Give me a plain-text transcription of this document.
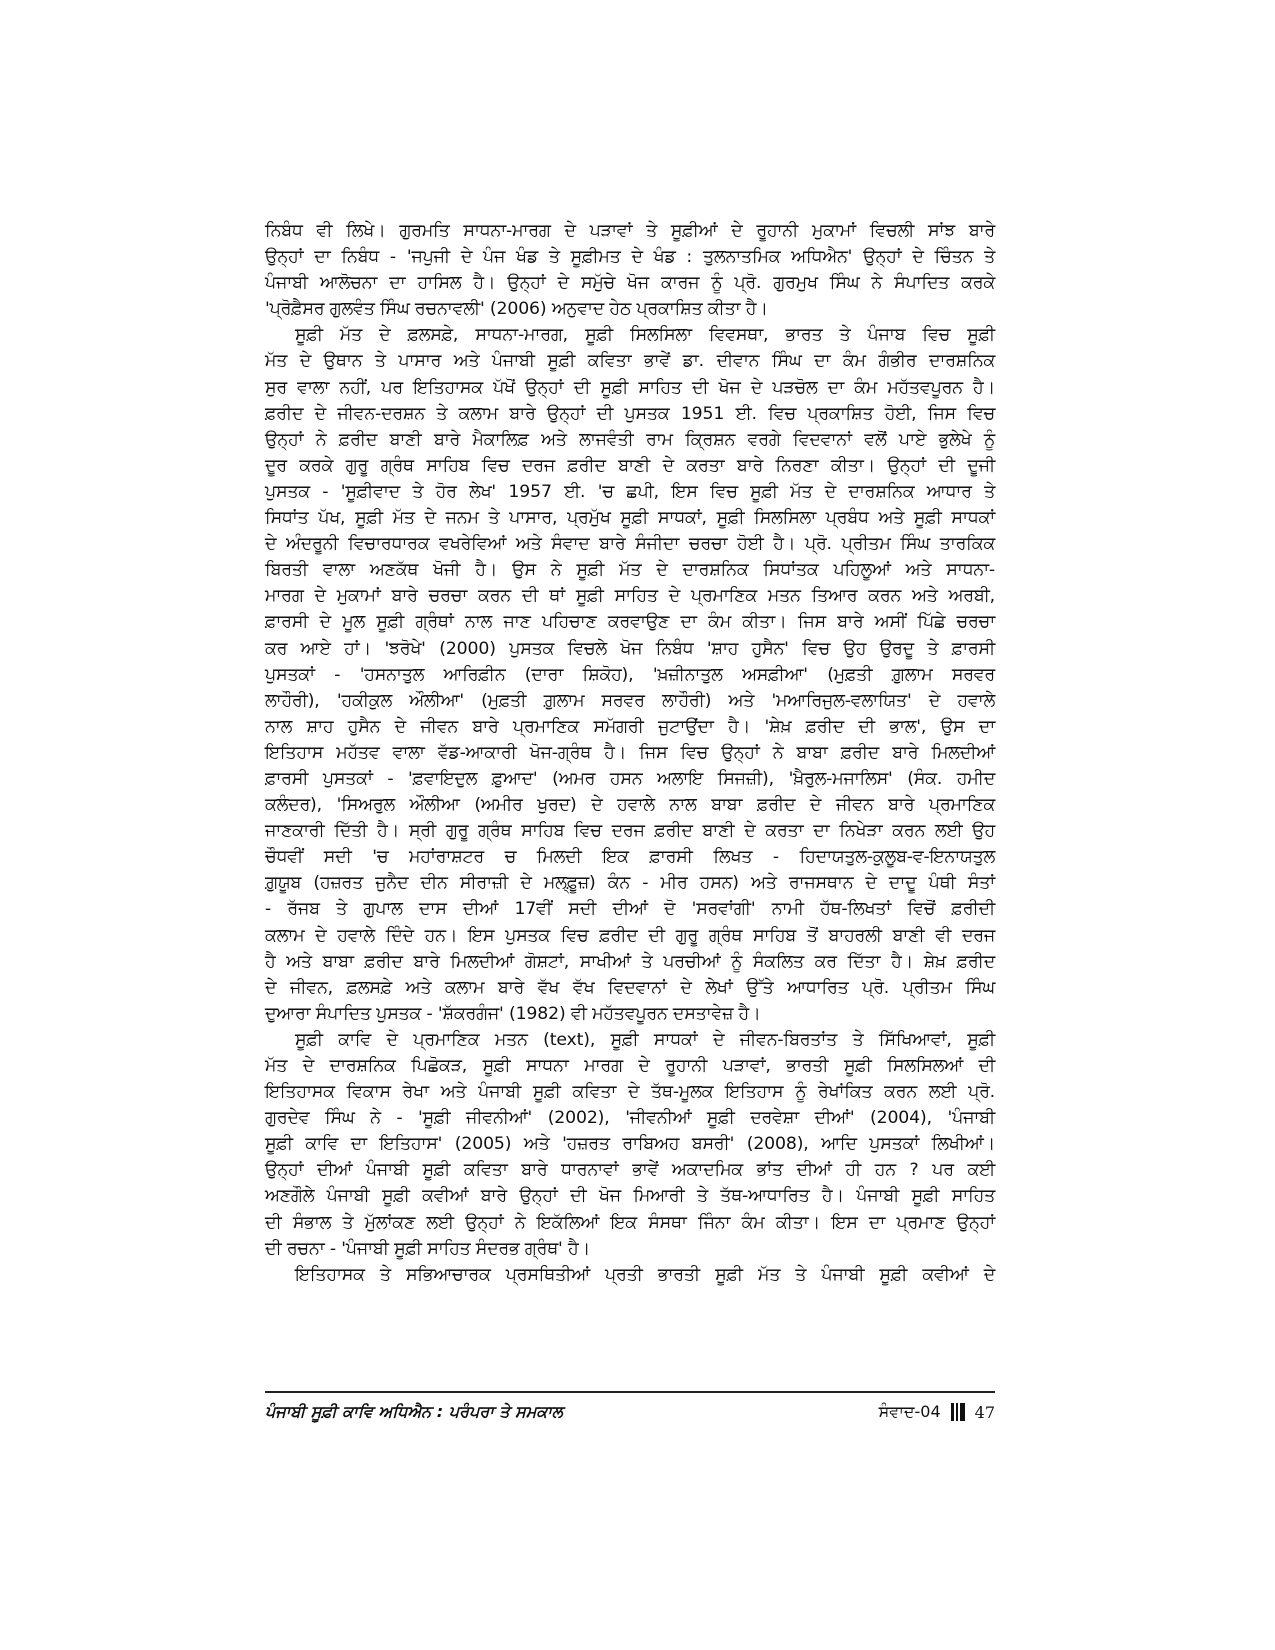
ਨਿਬੰਧ ਵੀ ਲਿਖੇ। ਗੁਰਮਤਿ ਸਾਧਨਾ-ਮਾਰਗ ਦੇ ਪੜਾਵਾਂ ਤੇ ਸੂਫ਼ੀਆਂ ਦੇ ਰੂਹਾਨੀ ਮੁਕਾਮਾਂ ਵਿਚਲੀ ਸਾਂਝ ਬਾਰੇ
ਉਨ੍ਹਾਂ ਦਾ ਨਿਬੰਧ - 'ਜਪੁਜੀ ਦੇ ਪੰਜ ਖੰਡ ਤੇ ਸੂਫ਼ੀਮਤ ਦੇ ਖੰਡ : ਤੁਲਨਾਤਮਿਕ ਅਧਿਐਨ' ਉਨ੍ਹਾਂ ਦੇ ਚਿੰਤਨ ਤੇ
ਪੰਜਾਬੀ ਆਲੋਚਨਾ ਦਾ ਹਾਸਿਲ ਹੈ। ਉਨ੍ਹਾਂ ਦੇ ਸਮੁੱਚੇ ਖੋਜ ਕਾਰਜ ਨੂੰ ਪ੍ਰੋ. ਗੁਰਮੁਖ ਸਿੰਘ ਨੇ ਸੰਪਾਦਿਤ ਕਰਕੇ
'ਪ੍ਰੋਫ਼ੈਸਰ ਗੁਲਵੰਤ ਸਿੰਘ ਰਚਨਾਵਲੀ' (2006) ਅਨੁਵਾਦ ਹੇਠ ਪ੍ਰਕਾਸ਼ਿਤ ਕੀਤਾ ਹੈ।
ਸੂਫ਼ੀ ਮੱਤ ਦੇ ਫ਼ਲਸਫ਼ੇ, ਸਾਧਨਾ-ਮਾਰਗ, ਸੂਫ਼ੀ ਸਿਲਸਿਲਾ ਵਿਵਸਥਾ, ਭਾਰਤ ਤੇ ਪੰਜਾਬ ਵਿਚ ਸੂਫ਼ੀ
ਮੱਤ ਦੇ ਉਥਾਨ ਤੇ ਪਾਸਾਰ ਅਤੇ ਪੰਜਾਬੀ ਸੂਫ਼ੀ ਕਵਿਤਾ ਭਾਵੇਂ ਡਾ. ਦੀਵਾਨ ਸਿੰਘ ਦਾ ਕੰਮ ਗੰਭੀਰ ਦਾਰਸ਼ਨਿਕ
ਸੁਰ ਵਾਲਾ ਨਹੀਂ, ਪਰ ਇਤਿਹਾਸਕ ਪੱਖੋਂ ਉਨ੍ਹਾਂ ਦੀ ਸੂਫ਼ੀ ਸਾਹਿਤ ਦੀ ਖੋਜ ਦੇ ਪੜਚੋਲ ਦਾ ਕੰਮ ਮਹੱਤਵਪੂਰਨ ਹੈ।
ਫ਼ਰੀਦ ਦੇ ਜੀਵਨ-ਦਰਸ਼ਨ ਤੇ ਕਲਾਮ ਬਾਰੇ ਉਨ੍ਹਾਂ ਦੀ ਪੁਸਤਕ 1951 ਈ. ਵਿਚ ਪ੍ਰਕਾਸ਼ਿਤ ਹੋਈ, ਜਿਸ ਵਿਚ
ਉਨ੍ਹਾਂ ਨੇ ਫ਼ਰੀਦ ਬਾਣੀ ਬਾਰੇ ਮੈਕਾਲਿਫ਼ ਅਤੇ ਲਾਜਵੰਤੀ ਰਾਮ ਕ੍ਰਿਸ਼ਨ ਵਰਗੇ ਵਿਦਵਾਨਾਂ ਵਲੋਂ ਪਾਏ ਭੁਲੇਖੇ ਨੂੰ
ਦੂਰ ਕਰਕੇ ਗੁਰੂ ਗ੍ਰੰਥ ਸਾਹਿਬ ਵਿਚ ਦਰਜ ਫ਼ਰੀਦ ਬਾਣੀ ਦੇ ਕਰਤਾ ਬਾਰੇ ਨਿਰਣਾ ਕੀਤਾ। ਉਨ੍ਹਾਂ ਦੀ ਦੂਜੀ
ਪੁਸਤਕ - 'ਸੂਫ਼ੀਵਾਦ ਤੇ ਹੋਰ ਲੇਖ' 1957 ਈ. 'ਚ ਛਪੀ, ਇਸ ਵਿਚ ਸੂਫ਼ੀ ਮੱਤ ਦੇ ਦਾਰਸ਼ਨਿਕ ਆਧਾਰ ਤੇ
ਸਿਧਾਂਤ ਪੱਖ, ਸੂਫ਼ੀ ਮੱਤ ਦੇ ਜਨਮ ਤੇ ਪਾਸਾਰ, ਪ੍ਰਮੁੱਖ ਸੂਫ਼ੀ ਸਾਧਕਾਂ, ਸੂਫ਼ੀ ਸਿਲਸਿਲਾ ਪ੍ਰਬੰਧ ਅਤੇ ਸੂਫ਼ੀ ਸਾਧਕਾਂ
ਦੇ ਅੰਦਰੂਨੀ ਵਿਚਾਰਧਾਰਕ ਵਖਰੇਵਿਆਂ ਅਤੇ ਸੰਵਾਦ ਬਾਰੇ ਸੰਜੀਦਾ ਚਰਚਾ ਹੋਈ ਹੈ। ਪ੍ਰੋ. ਪ੍ਰੀਤਮ ਸਿੰਘ ਤਾਰਕਿਕ
ਬਿਰਤੀ ਵਾਲਾ ਅਣਕੱਥ ਖੋਜੀ ਹੈ। ਉਸ ਨੇ ਸੂਫ਼ੀ ਮੱਤ ਦੇ ਦਾਰਸ਼ਨਿਕ ਸਿਧਾਂਤਕ ਪਹਿਲੂਆਂ ਅਤੇ ਸਾਧਨਾ-
ਮਾਰਗ ਦੇ ਮੁਕਾਮਾਂ ਬਾਰੇ ਚਰਚਾ ਕਰਨ ਦੀ ਥਾਂ ਸੂਫ਼ੀ ਸਾਹਿਤ ਦੇ ਪ੍ਰਮਾਣਿਕ ਮਤਨ ਤਿਆਰ ਕਰਨ ਅਤੇ ਅਰਬੀ,
ਫ਼ਾਰਸੀ ਦੇ ਮੂਲ ਸੂਫ਼ੀ ਗ੍ਰੰਥਾਂ ਨਾਲ ਜਾਣ ਪਹਿਚਾਣ ਕਰਵਾਉਣ ਦਾ ਕੰਮ ਕੀਤਾ। ਜਿਸ ਬਾਰੇ ਅਸੀਂ ਪਿੱਛੇ ਚਰਚਾ
ਕਰ ਆਏ ਹਾਂ। 'ਝਰੋਖੇ' (2000) ਪੁਸਤਕ ਵਿਚਲੇ ਖੋਜ ਨਿਬੰਧ 'ਸ਼ਾਹ ਹੁਸੈਨ' ਵਿਚ ਉਹ ਉਰਦੂ ਤੇ ਫ਼ਾਰਸੀ
ਪੁਸਤਕਾਂ - 'ਹਸਨਾਤੁਲ ਆਰਿਫ਼ੀਨ (ਦਾਰਾ ਸ਼ਿਕੋਹ), 'ਖ਼ਜ਼ੀਨਾਤੁਲ ਅਸਫ਼ੀਆ' (ਮੁਫ਼ਤੀ ਗ਼ੁਲਾਮ ਸਰਵਰ
ਲਾਹੌਰੀ), 'ਹਕੀਕੁਲ ਔਲੀਆ' (ਮੁਫ਼ਤੀ ਗ਼ੁਲਾਮ ਸਰਵਰ ਲਾਹੌਰੀ) ਅਤੇ 'ਮਆਰਿਜੁਲ-ਵਲਾਯਿਤ' ਦੇ ਹਵਾਲੇ
ਨਾਲ ਸ਼ਾਹ ਹੁਸੈਨ ਦੇ ਜੀਵਨ ਬਾਰੇ ਪ੍ਰਮਾਣਿਕ ਸਮੱਗਰੀ ਜੁਟਾਉਂਦਾ ਹੈ। 'ਸ਼ੇਖ਼ ਫ਼ਰੀਦ ਦੀ ਭਾਲ', ਉਸ ਦਾ
ਇਤਿਹਾਸ ਮਹੱਤਵ ਵਾਲਾ ਵੱਡ-ਆਕਾਰੀ ਖੋਜ-ਗ੍ਰੰਥ ਹੈ। ਜਿਸ ਵਿਚ ਉਨ੍ਹਾਂ ਨੇ ਬਾਬਾ ਫ਼ਰੀਦ ਬਾਰੇ ਮਿਲਦੀਆਂ
ਫ਼ਾਰਸੀ ਪੁਸਤਕਾਂ - 'ਫ਼ਵਾਇਦੁਲ ਫ਼ੁਆਦ' (ਅਮਰ ਹਸਨ ਅਲਾਇ ਸਿਜਜ਼ੀ), 'ਖ਼ੈਰੁਲ-ਮਜਾਲਿਸ' (ਸੰਕ. ਹਮੀਦ
ਕਲੰਦਰ), 'ਸਿਅਰੁਲ ਔਲੀਆ (ਅਮੀਰ ਖੁਰਦ) ਦੇ ਹਵਾਲੇ ਨਾਲ ਬਾਬਾ ਫ਼ਰੀਦ ਦੇ ਜੀਵਨ ਬਾਰੇ ਪ੍ਰਮਾਣਿਕ
ਜਾਣਕਾਰੀ ਦਿੱਤੀ ਹੈ। ਸ੍ਰੀ ਗੁਰੂ ਗ੍ਰੰਥ ਸਾਹਿਬ ਵਿਚ ਦਰਜ ਫ਼ਰੀਦ ਬਾਣੀ ਦੇ ਕਰਤਾ ਦਾ ਨਿਖੇੜਾ ਕਰਨ ਲਈ ਉਹ
ਚੌਧਵੀਂ ਸਦੀ 'ਚ ਮਹਾਂਰਾਸ਼ਟਰ ਚ ਮਿਲਦੀ ਇਕ ਫ਼ਾਰਸੀ ਲਿਖਤ - ਹਿਦਾਯਤੁਲ-ਕੁਲੂਬ-ਵ-ਇਨਾਯਤੁਲ
ਗ਼ੁਯੂਬ (ਹਜ਼ਰਤ ਜੁਨੈਦ ਦੀਨ ਸੀਰਾਜ਼ੀ ਦੇ ਮਲ੍ਫ਼ੂਜ਼) ਕੰਨ - ਮੀਰ ਹਸਨ) ਅਤੇ ਰਾਜਸਥਾਨ ਦੇ ਦਾਦੂ ਪੰਥੀ ਸੰਤਾਂ
- ਰੱਜਬ ਤੇ ਗੁਪਾਲ ਦਾਸ ਦੀਆਂ 17ਵੀਂ ਸਦੀ ਦੀਆਂ ਦੋ 'ਸਰਵਾਂਗੀ' ਨਾਮੀ ਹੱਥ-ਲਿਖਤਾਂ ਵਿਚੋਂ ਫ਼ਰੀਦੀ
ਕਲਾਮ ਦੇ ਹਵਾਲੇ ਦਿੰਦੇ ਹਨ। ਇਸ ਪੁਸਤਕ ਵਿਚ ਫ਼ਰੀਦ ਦੀ ਗੁਰੂ ਗ੍ਰੰਥ ਸਾਹਿਬ ਤੋਂ ਬਾਹਰਲੀ ਬਾਣੀ ਵੀ ਦਰਜ
ਹੈ ਅਤੇ ਬਾਬਾ ਫ਼ਰੀਦ ਬਾਰੇ ਮਿਲਦੀਆਂ ਗੋਸ਼ਟਾਂ, ਸਾਖੀਆਂ ਤੇ ਪਰਚੀਆਂ ਨੂੰ ਸੰਕਲਿਤ ਕਰ ਦਿੱਤਾ ਹੈ। ਸ਼ੇਖ਼ ਫ਼ਰੀਦ
ਦੇ ਜੀਵਨ, ਫ਼ਲਸਫ਼ੇ ਅਤੇ ਕਲਾਮ ਬਾਰੇ ਵੱਖ ਵੱਖ ਵਿਦਵਾਨਾਂ ਦੇ ਲੇਖਾਂ ਉੱਤੇ ਆਧਾਰਿਤ ਪ੍ਰੋ. ਪ੍ਰੀਤਮ ਸਿੰਘ
ਦੁਆਰਾ ਸੰਪਾਦਿਤ ਪੁਸਤਕ - 'ਸ਼ੱਕਰਗੰਜ' (1982) ਵੀ ਮਹੱਤਵਪੂਰਨ ਦਸਤਾਵੇਜ਼ ਹੈ।
ਸੂਫ਼ੀ ਕਾਵਿ ਦੇ ਪ੍ਰਮਾਣਿਕ ਮਤਨ (text), ਸੂਫ਼ੀ ਸਾਧਕਾਂ ਦੇ ਜੀਵਨ-ਬਿਰਤਾਂਤ ਤੇ ਸਿੱਖਿਆਵਾਂ, ਸੂਫ਼ੀ
ਮੱਤ ਦੇ ਦਾਰਸ਼ਨਿਕ ਪਿਛੋਕੜ, ਸੂਫ਼ੀ ਸਾਧਨਾ ਮਾਰਗ ਦੇ ਰੂਹਾਨੀ ਪੜਾਵਾਂ, ਭਾਰਤੀ ਸੂਫ਼ੀ ਸਿਲਸਿਲਆਂ ਦੀ
ਇਤਿਹਾਸਕ ਵਿਕਾਸ ਰੇਖਾ ਅਤੇ ਪੰਜਾਬੀ ਸੂਫ਼ੀ ਕਵਿਤਾ ਦੇ ਤੱਥ-ਮੂਲਕ ਇਤਿਹਾਸ ਨੂੰ ਰੇਖਾਂਕਿਤ ਕਰਨ ਲਈ ਪ੍ਰੋ.
ਗੁਰਦੇਵ ਸਿੰਘ ਨੇ - 'ਸੂਫ਼ੀ ਜੀਵਨੀਆਂ' (2002), 'ਜੀਵਨੀਆਂ ਸੂਫ਼ੀ ਦਰਵੇਸ਼ਾ ਦੀਆਂ' (2004), 'ਪੰਜਾਬੀ
ਸੂਫ਼ੀ ਕਾਵਿ ਦਾ ਇਤਿਹਾਸ' (2005) ਅਤੇ 'ਹਜ਼ਰਤ ਰਾਬਿਅਹ ਬਸਰੀ' (2008), ਆਦਿ ਪੁਸਤਕਾਂ ਲਿਖੀਆਂ।
ਉਨ੍ਹਾਂ ਦੀਆਂ ਪੰਜਾਬੀ ਸੂਫ਼ੀ ਕਵਿਤਾ ਬਾਰੇ ਧਾਰਨਾਵਾਂ ਭਾਵੇਂ ਅਕਾਦਮਿਕ ਭਾਂਤ ਦੀਆਂ ਹੀ ਹਨ ? ਪਰ ਕਈ
ਅਣਗੌਲੇ ਪੰਜਾਬੀ ਸੂਫ਼ੀ ਕਵੀਆਂ ਬਾਰੇ ਉਨ੍ਹਾਂ ਦੀ ਖੋਜ ਮਿਆਰੀ ਤੇ ਤੱਥ-ਆਧਾਰਿਤ ਹੈ। ਪੰਜਾਬੀ ਸੂਫ਼ੀ ਸਾਹਿਤ
ਦੀ ਸੰਭਾਲ ਤੇ ਮੁੱਲਾਂਕਣ ਲਈ ਉਨ੍ਹਾਂ ਨੇ ਇਕੱਲਿਆਂ ਇਕ ਸੰਸਥਾ ਜਿੰਨਾ ਕੰਮ ਕੀਤਾ। ਇਸ ਦਾ ਪ੍ਰਮਾਣ ਉਨ੍ਹਾਂ
ਦੀ ਰਚਨਾ - 'ਪੰਜਾਬੀ ਸੂਫ਼ੀ ਸਾਹਿਤ ਸੰਦਰਭ ਗ੍ਰੰਥ' ਹੈ।
ਇਤਿਹਾਸਕ ਤੇ ਸਭਿਆਚਾਰਕ ਪ੍ਰਸਥਿਤੀਆਂ ਪ੍ਰਤੀ ਭਾਰਤੀ ਸੂਫ਼ੀ ਮੱਤ ਤੇ ਪੰਜਾਬੀ ਸੂਫ਼ੀ ਕਵੀਆਂ ਦੇ
ਪੰਜਾਬੀ ਸੂਫ਼ੀ ਕਾਵਿ ਅਧਿਐਨ : ਪਰੰਪਰਾ ਤੇ ਸਮਕਾਲ	ਸੰਵਾਦ-04 47
